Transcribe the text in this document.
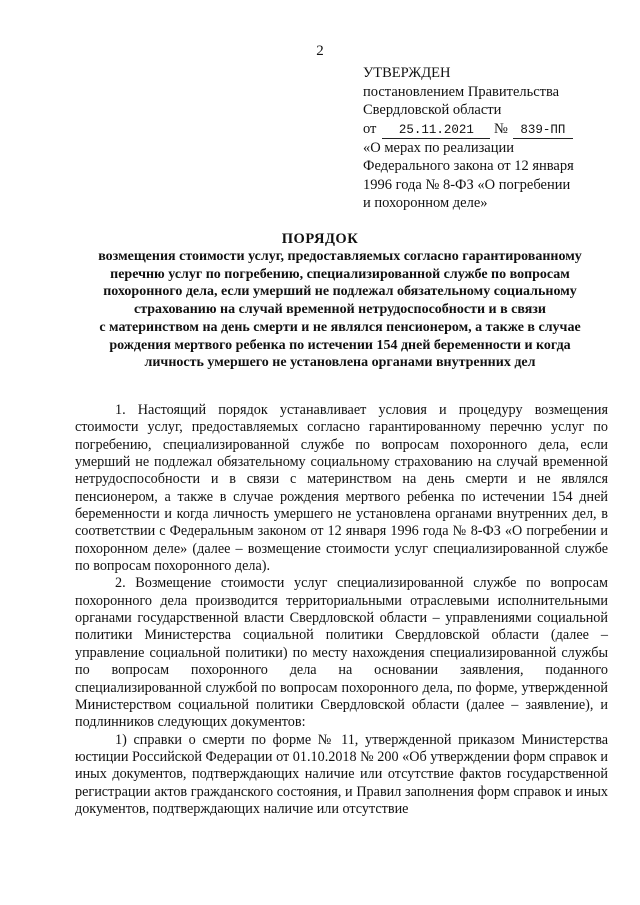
2
УТВЕРЖДЕН
постановлением Правительства
Свердловской области
от 25.11.2021 № 839-ПП
«О мерах по реализации
Федерального закона от 12 января
1996 года № 8-ФЗ «О погребении
и похоронном деле»
ПОРЯДОК
возмещения стоимости услуг, предоставляемых согласно гарантированному
перечню услуг по погребению, специализированной службе по вопросам
похоронного дела, если умерший не подлежал обязательному социальному
страхованию на случай временной нетрудоспособности и в связи
с материнством на день смерти и не являлся пенсионером, а также в случае
рождения мертвого ребенка по истечении 154 дней беременности и когда
личность умершего не установлена органами внутренних дел

1. Настоящий порядок устанавливает условия и процедуру возмещения стоимости услуг, предоставляемых согласно гарантированному перечню услуг по погребению, специализированной службе по вопросам похоронного дела, если умерший не подлежал обязательному социальному страхованию на случай временной нетрудоспособности и в связи с материнством на день смерти и не являлся пенсионером, а также в случае рождения мертвого ребенка по истечении 154 дней беременности и когда личность умершего не установлена органами внутренних дел, в соответствии с Федеральным законом от 12 января 1996 года № 8-ФЗ «О погребении и похоронном деле» (далее – возмещение стоимости услуг специализированной службе по вопросам похоронного дела).

2. Возмещение стоимости услуг специализированной службе по вопросам похоронного дела производится территориальными отраслевыми исполнительными органами государственной власти Свердловской области – управлениями социальной политики Министерства социальной политики Свердловской области (далее – управление социальной политики) по месту нахождения специализированной службы по вопросам похоронного дела на основании заявления, поданного специализированной службой по вопросам похоронного дела, по форме, утвержденной Министерством социальной политики Свердловской области (далее – заявление), и подлинников следующих документов:

1) справки о смерти по форме № 11, утвержденной приказом Министерства юстиции Российской Федерации от 01.10.2018 № 200 «Об утверждении форм справок и иных документов, подтверждающих наличие или отсутствие фактов государственной регистрации актов гражданского состояния, и Правил заполнения форм справок и иных документов, подтверждающих наличие или отсутствие
